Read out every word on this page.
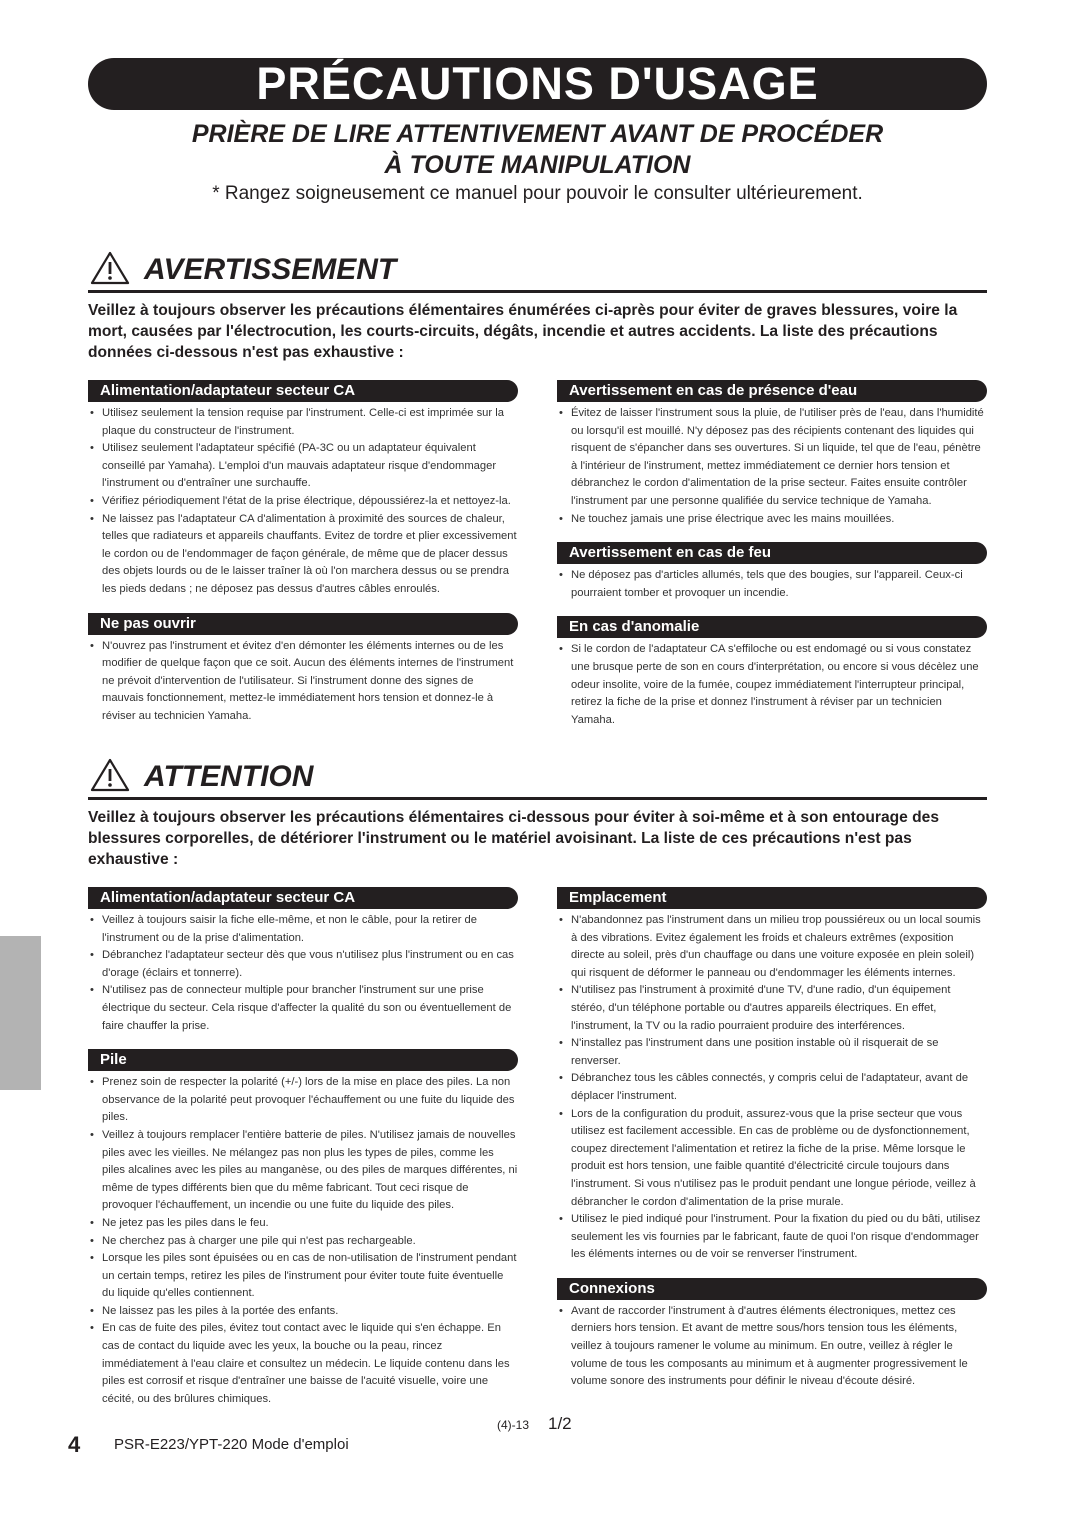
PRÉCAUTIONS D'USAGE
PRIÈRE DE LIRE ATTENTIVEMENT AVANT DE PROCÉDER
À TOUTE MANIPULATION
* Rangez soigneusement ce manuel pour pouvoir le consulter ultérieurement.
AVERTISSEMENT
Veillez à toujours observer les précautions élémentaires énumérées ci-après pour éviter de graves blessures, voire la mort, causées par l'électrocution, les courts-circuits, dégâts, incendie et autres accidents. La liste des précautions données ci-dessous n'est pas exhaustive :
Alimentation/adaptateur secteur CA
• Utilisez seulement la tension requise par l'instrument. Celle-ci est imprimée sur la plaque du constructeur de l'instrument.
• Utilisez seulement l'adaptateur spécifié (PA-3C ou un adaptateur équivalent conseillé par Yamaha). L'emploi d'un mauvais adaptateur risque d'endommager l'instrument ou d'entraîner une surchauffe.
• Vérifiez périodiquement l'état de la prise électrique, dépoussiérez-la et nettoyez-la.
• Ne laissez pas l'adaptateur CA d'alimentation à proximité des sources de chaleur, telles que radiateurs et appareils chauffants. Evitez de tordre et plier excessivement le cordon ou de l'endommager de façon générale, de même que de placer dessus des objets lourds ou de le laisser traîner là où l'on marchera dessus ou se prendra les pieds dedans ; ne déposez pas dessus d'autres câbles enroulés.
Ne pas ouvrir
• N'ouvrez pas l'instrument et évitez d'en démonter les éléments internes ou de les modifier de quelque façon que ce soit. Aucun des éléments internes de l'instrument ne prévoit d'intervention de l'utilisateur. Si l'instrument donne des signes de mauvais fonctionnement, mettez-le immédiatement hors tension et donnez-le à réviser au technicien Yamaha.
Avertissement en cas de présence d'eau
• Évitez de laisser l'instrument sous la pluie, de l'utiliser près de l'eau, dans l'humidité ou lorsqu'il est mouillé. N'y déposez pas des récipients contenant des liquides qui risquent de s'épancher dans ses ouvertures. Si un liquide, tel que de l'eau, pénètre à l'intérieur de l'instrument, mettez immédiatement ce dernier hors tension et débranchez le cordon d'alimentation de la prise secteur. Faites ensuite contrôler l'instrument par une personne qualifiée du service technique de Yamaha.
• Ne touchez jamais une prise électrique avec les mains mouillées.
Avertissement en cas de feu
• Ne déposez pas d'articles allumés, tels que des bougies, sur l'appareil. Ceux-ci pourraient tomber et provoquer un incendie.
En cas d'anomalie
• Si le cordon de l'adaptateur CA s'effiloche ou est endomagé ou si vous constatez une brusque perte de son en cours d'interprétation, ou encore si vous décèlez une odeur insolite, voire de la fumée, coupez immédiatement l'interrupteur principal, retirez la fiche de la prise et donnez l'instrument à réviser par un technicien Yamaha.
ATTENTION
Veillez à toujours observer les précautions élémentaires ci-dessous pour éviter à soi-même et à son entourage des blessures corporelles, de détériorer l'instrument ou le matériel avoisinant. La liste de ces précautions n'est pas exhaustive :
Alimentation/adaptateur secteur CA
• Veillez à toujours saisir la fiche elle-même, et non le câble, pour la retirer de l'instrument ou de la prise d'alimentation.
• Débranchez l'adaptateur secteur dès que vous n'utilisez plus l'instrument ou en cas d'orage (éclairs et tonnerre).
• N'utilisez pas de connecteur multiple pour brancher l'instrument sur une prise électrique du secteur. Cela risque d'affecter la qualité du son ou éventuellement de faire chauffer la prise.
Pile
• Prenez soin de respecter la polarité (+/-) lors de la mise en place des piles. La non observance de la polarité peut provoquer l'échauffement ou une fuite du liquide des piles.
• Veillez à toujours remplacer l'entière batterie de piles. N'utilisez jamais de nouvelles piles avec les vieilles. Ne mélangez pas non plus les types de piles, comme les piles alcalines avec les piles au manganèse, ou des piles de marques différentes, ni même de types différents bien que du même fabricant. Tout ceci risque de provoquer l'échauffement, un incendie ou une fuite du liquide des piles.
• Ne jetez pas les piles dans le feu.
• Ne cherchez pas à charger une pile qui n'est pas rechargeable.
• Lorsque les piles sont épuisées ou en cas de non-utilisation de l'instrument pendant un certain temps, retirez les piles de l'instrument pour éviter toute fuite éventuelle du liquide qu'elles contiennent.
• Ne laissez pas les piles à la portée des enfants.
• En cas de fuite des piles, évitez tout contact avec le liquide qui s'en échappe. En cas de contact du liquide avec les yeux, la bouche ou la peau, rincez immédiatement à l'eau claire et consultez un médecin. Le liquide contenu dans les piles est corrosif et risque d'entraîner une baisse de l'acuité visuelle, voire une cécité, ou des brûlures chimiques.
Emplacement
• N'abandonnez pas l'instrument dans un milieu trop poussiéreux ou un local soumis à des vibrations. Evitez également les froids et chaleurs extrêmes (exposition directe au soleil, près d'un chauffage ou dans une voiture exposée en plein soleil) qui risquent de déformer le panneau ou d'endommager les éléments internes.
• N'utilisez pas l'instrument à proximité d'une TV, d'une radio, d'un équipement stéréo, d'un téléphone portable ou d'autres appareils électriques. En effet, l'instrument, la TV ou la radio pourraient produire des interférences.
• N'installez pas l'instrument dans une position instable où il risquerait de se renverser.
• Débranchez tous les câbles connectés, y compris celui de l'adaptateur, avant de déplacer l'instrument.
• Lors de la configuration du produit, assurez-vous que la prise secteur que vous utilisez est facilement accessible. En cas de problème ou de dysfonctionnement, coupez directement l'alimentation et retirez la fiche de la prise. Même lorsque le produit est hors tension, une faible quantité d'électricité circule toujours dans l'instrument. Si vous n'utilisez pas le produit pendant une longue période, veillez à débrancher le cordon d'alimentation de la prise murale.
• Utilisez le pied indiqué pour l'instrument. Pour la fixation du pied ou du bâti, utilisez seulement les vis fournies par le fabricant, faute de quoi l'on risque d'endommager les éléments internes ou de voir se renverser l'instrument.
Connexions
• Avant de raccorder l'instrument à d'autres éléments électroniques, mettez ces derniers hors tension. Et avant de mettre sous/hors tension tous les éléments, veillez à toujours ramener le volume au minimum. En outre, veillez à régler le volume de tous les composants au minimum et à augmenter progressivement le volume sonore des instruments pour définir le niveau d'écoute désiré.
(4)-13 1/2
4 PSR-E223/YPT-220 Mode d'emploi
